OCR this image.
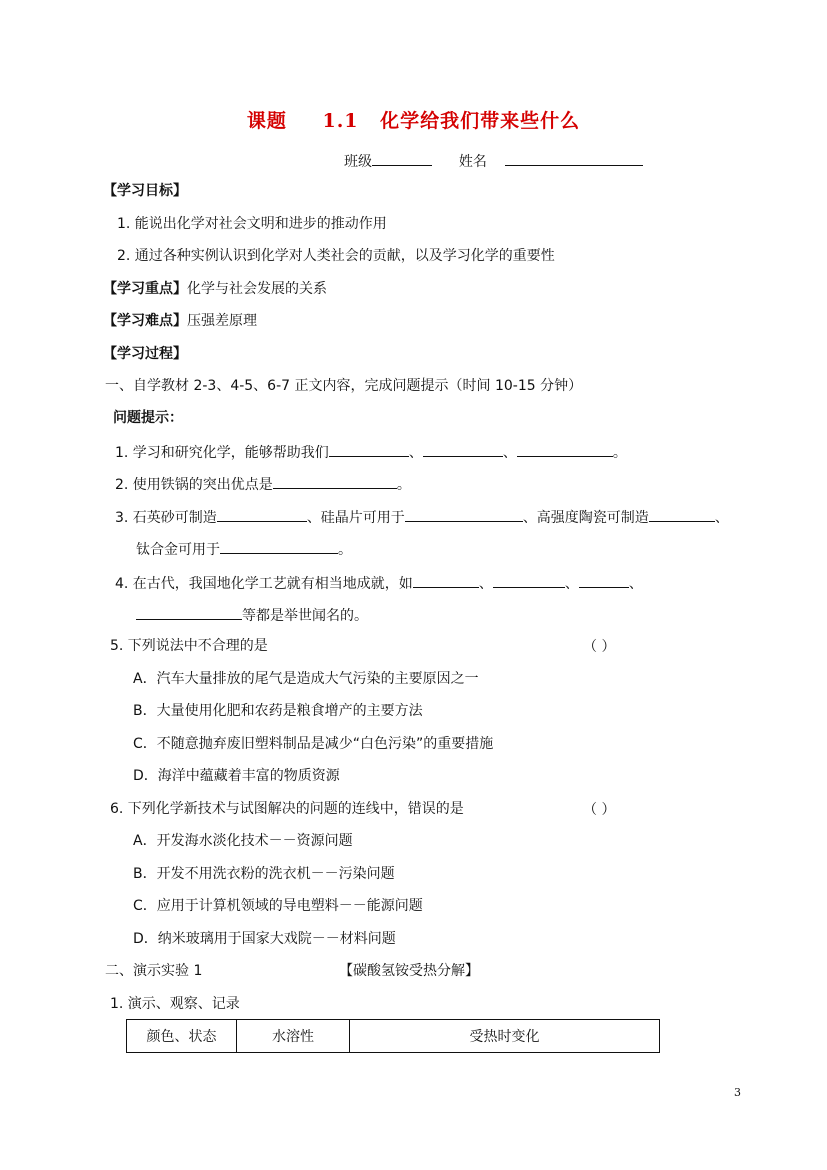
课题 1.1 化学给我们带来些什么
班级	姓名
【学习目标】
1. 能说出化学对社会文明和进步的推动作用
2. 通过各种实例认识到化学对人类社会的贡献，以及学习化学的重要性
【学习重点】化学与社会发展的关系
【学习难点】压强差原理
【学习过程】
一、自学教材 2-3、4-5、6-7 正文内容，完成问题提示（时间 10-15 分钟）
问题提示：
1. 学习和研究化学，能够帮助我们	、	、	。
2. 使用铁锅的突出优点是	。
3. 石英砂可制造	、硅晶片可用于	、高强度陶瓷可制造	、
钛合金可用于	。
4. 在古代，我国地化学工艺就有相当地成就，如	、	、	、
等都是举世闻名的。
5. 下列说法中不合理的是	（ ）
A．汽车大量排放的尾气是造成大气污染的主要原因之一
B．大量使用化肥和农药是粮食增产的主要方法
C．不随意抛弃废旧塑料制品是减少“白色污染”的重要措施
D．海洋中蕴藏着丰富的物质资源
6. 下列化学新技术与试图解决的问题的连线中，错误的是	（ ）
A．开发海水淡化技术－－资源问题
B．开发不用洗衣粉的洗衣机－－污染问题
C．应用于计算机领域的导电塑料－－能源问题
D．纳米玻璃用于国家大戏院－－材料问题
二、演示实验 1	【碳酸氢铵受热分解】
1. 演示、观察、记录
颜色、状态	水溶性	受热时变化
3
